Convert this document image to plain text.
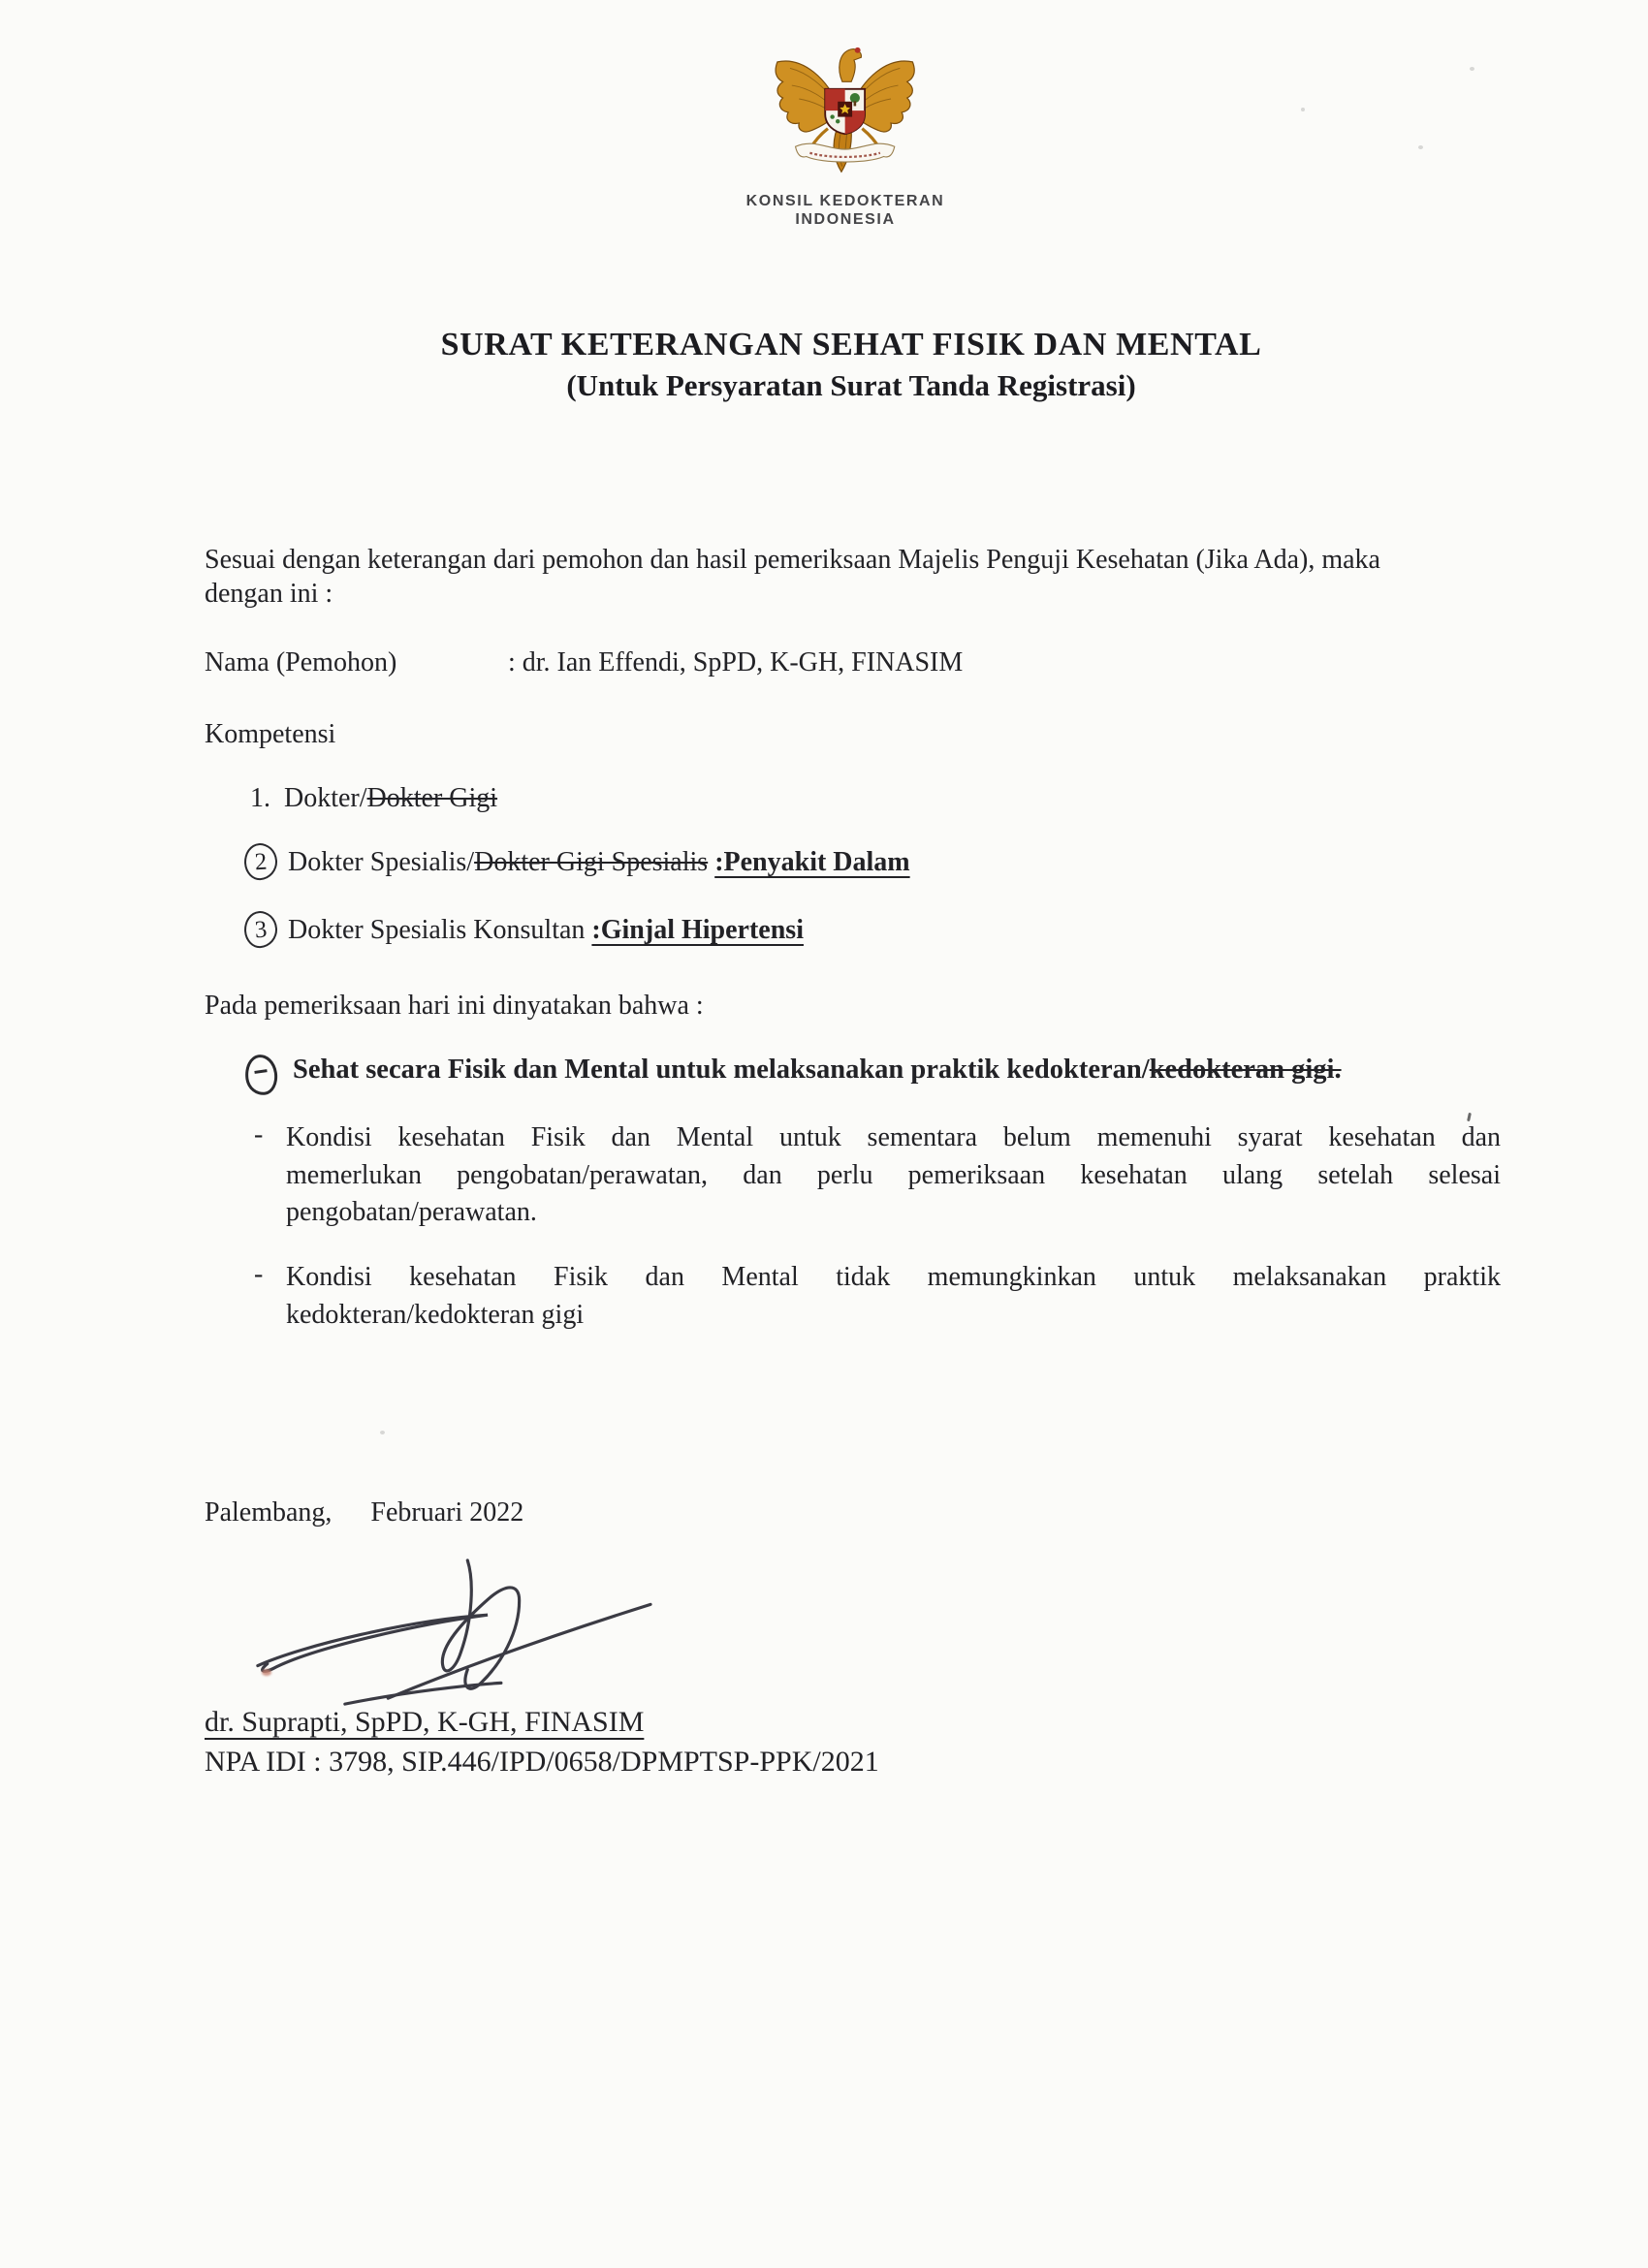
KONSIL KEDOKTERAN
INDONESIA
SURAT KETERANGAN SEHAT FISIK DAN MENTAL
(Untuk Persyaratan Surat Tanda Registrasi)
Sesuai dengan keterangan dari pemohon dan hasil pemeriksaan Majelis Penguji Kesehatan (Jika Ada), maka
dengan ini :
Nama (Pemohon)	: dr. Ian Effendi, SpPD, K-GH, FINASIM
Kompetensi
1. Dokter/Dokter Gigi
2 Dokter Spesialis/Dokter Gigi Spesialis :Penyakit Dalam
3 Dokter Spesialis Konsultan :Ginjal Hipertensi
Pada pemeriksaan hari ini dinyatakan bahwa :
Sehat secara Fisik dan Mental untuk melaksanakan praktik kedokteran/kedokteran gigi.
- Kondisi kesehatan Fisik dan Mental untuk sementara belum memenuhi syarat kesehatan dan
memerlukan pengobatan/perawatan, dan perlu pemeriksaan kesehatan ulang setelah selesai
pengobatan/perawatan.
- Kondisi kesehatan Fisik dan Mental tidak memungkinkan untuk melaksanakan praktik
kedokteran/kedokteran gigi
Palembang, Februari 2022
dr. Suprapti, SpPD, K-GH, FINASIM
NPA IDI : 3798, SIP.446/IPD/0658/DPMPTSP-PPK/2021
